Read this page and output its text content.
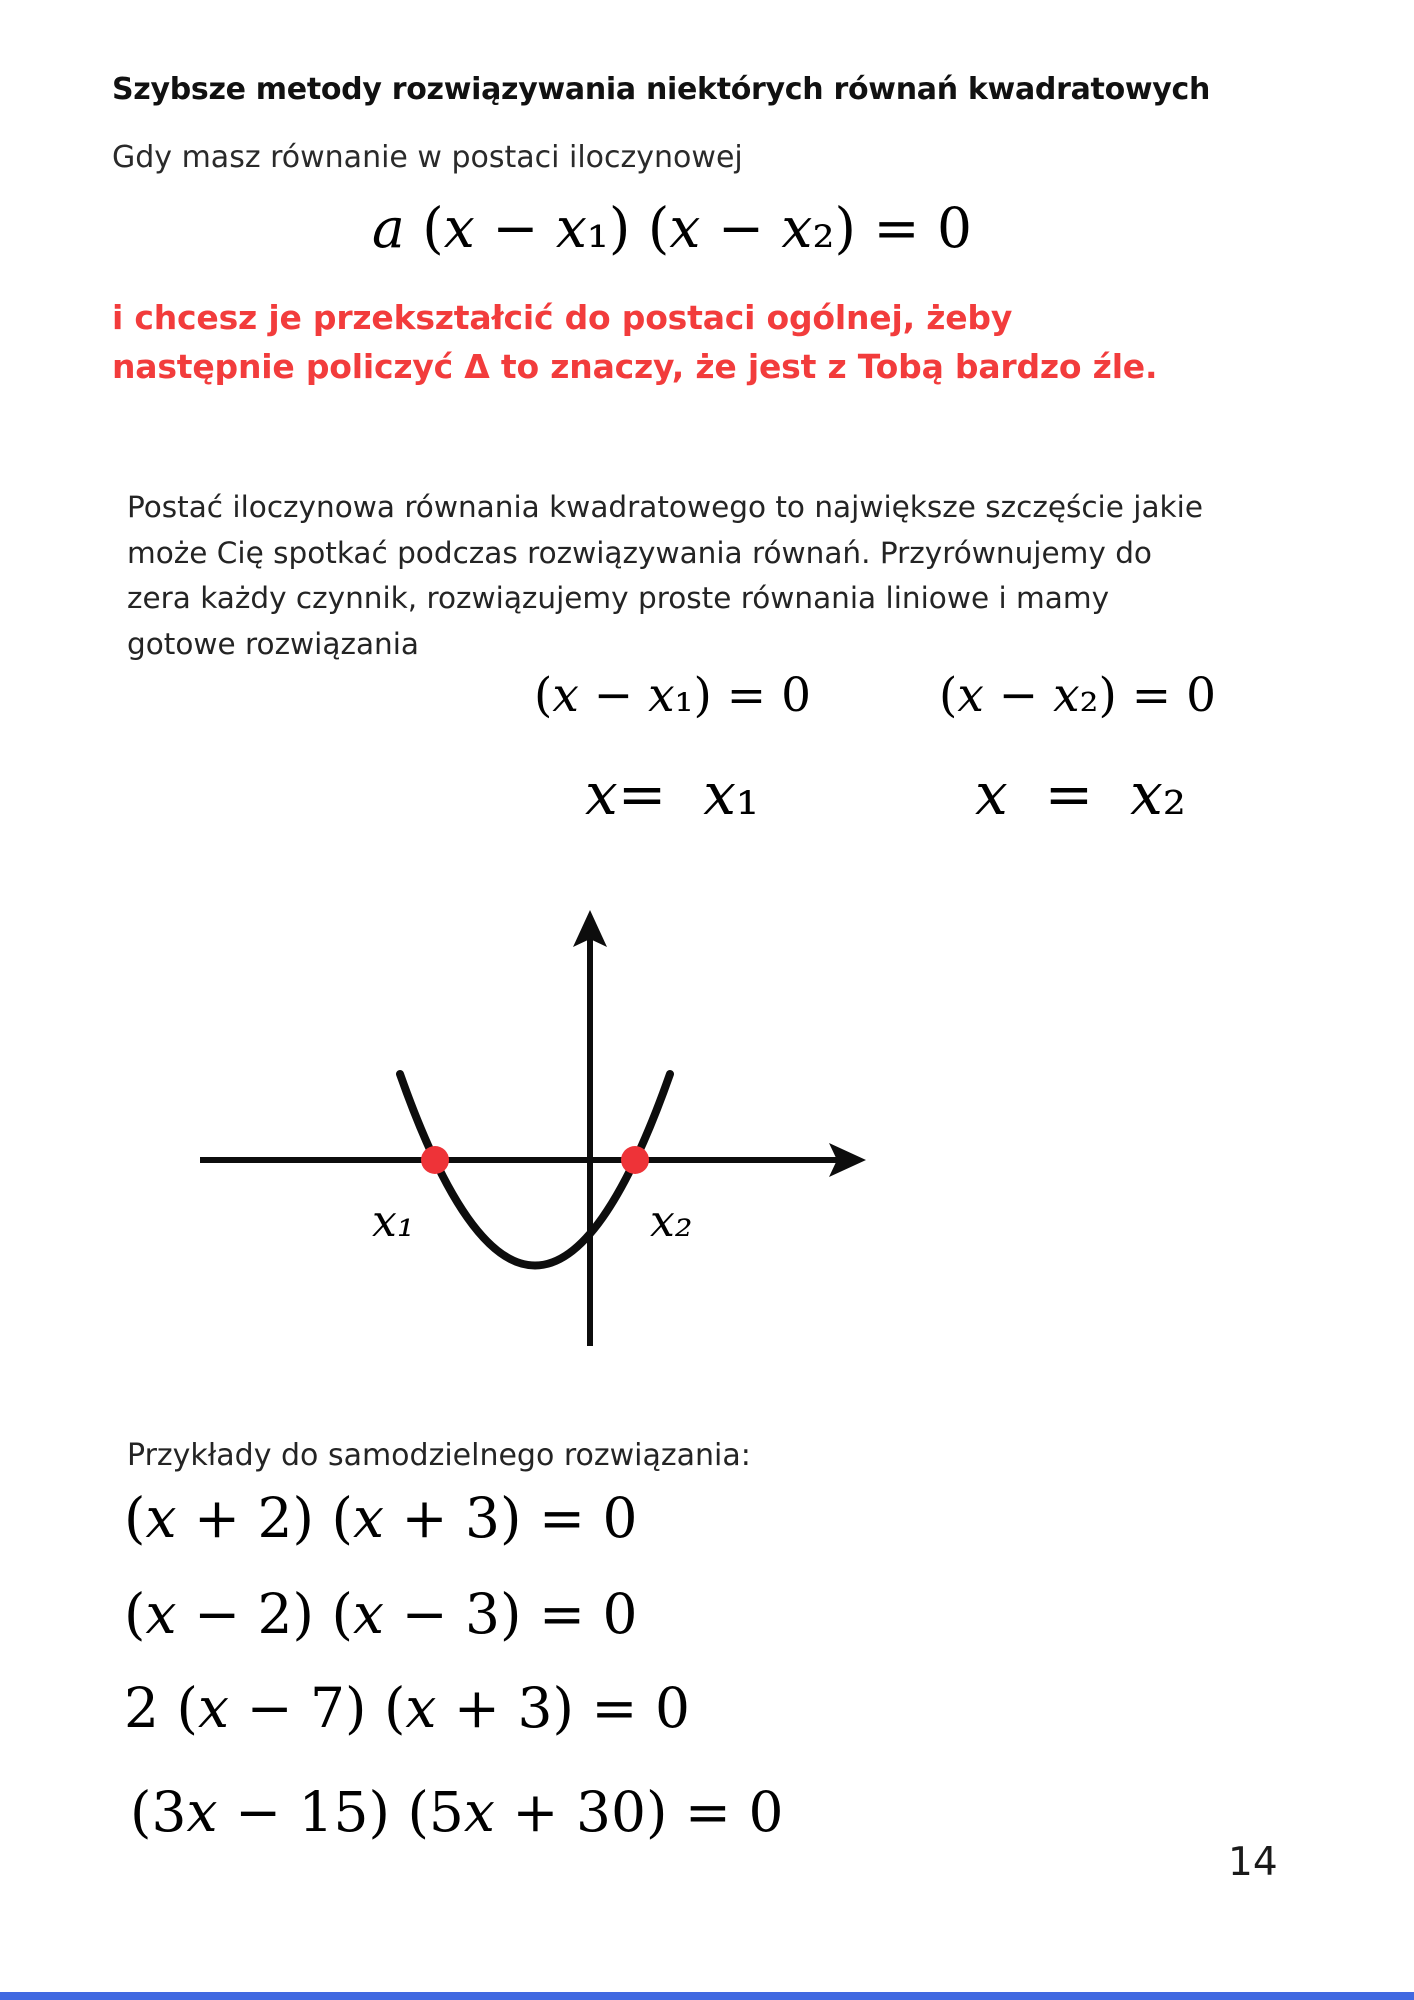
Szybsze metody rozwiązywania niektórych równań kwadratowych

Gdy masz równanie w postaci iloczynowej

a (x − x₁) (x − x₂) = 0
i chcesz je przekształcić do postaci ogólnej, żeby
następnie policzyć Δ to znaczy, że jest z Tobą bardzo źle.
Postać iloczynowa równania kwadratowego to największe szczęście jakie
może Cię spotkać podczas rozwiązywania równań. Przyrównujemy do
zera każdy czynnik, rozwiązujemy proste równania liniowe i mamy
gotowe rozwiązania
(x − x₁) = 0	(x − x₂) = 0
x=  x₁	x  =  x₂
x₁	x₂

Przykłady do samodzielnego rozwiązania:

(x + 2) (x + 3) = 0
(x − 2) (x − 3) = 0
2 (x − 7) (x + 3) = 0
(3x − 15) (5x + 30) = 0
14
